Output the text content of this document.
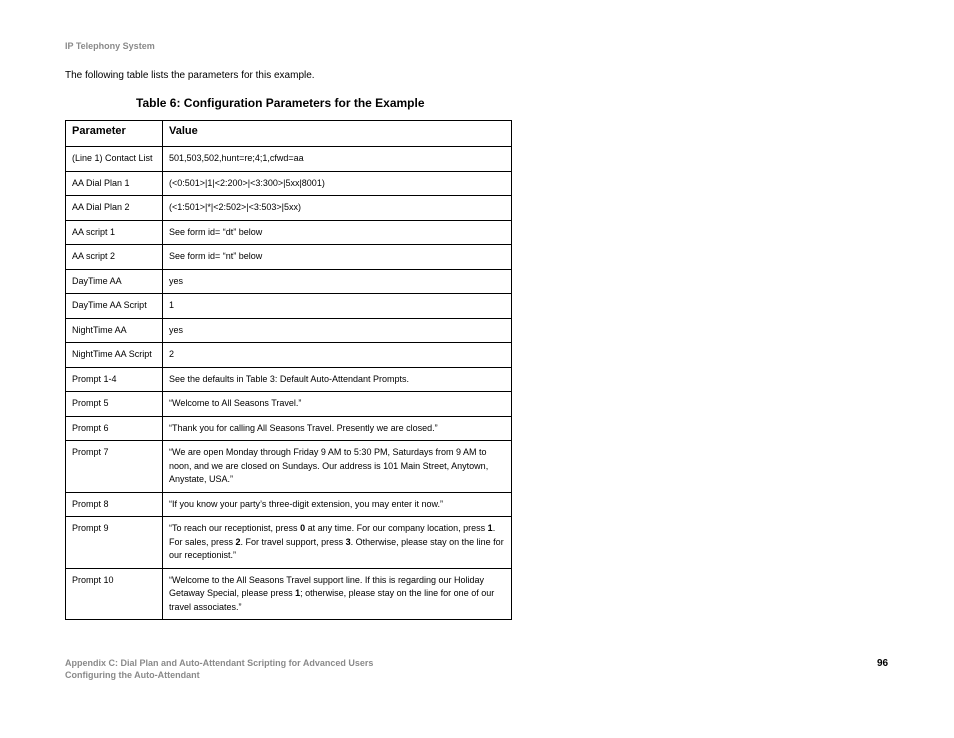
IP Telephony System
The following table lists the parameters for this example.
Table 6: Configuration Parameters for the Example
Parameter	Value
(Line 1) Contact List	501,503,502,hunt=re;4;1,cfwd=aa
AA Dial Plan 1	(<0:501>|1|<2:200>|<3:300>|5xx|8001)
AA Dial Plan 2	(<1:501>|*|<2:502>|<3:503>|5xx)
AA script 1	See form id= “dt” below
AA script 2	See form id= “nt” below
DayTime AA	yes
DayTime AA Script	1
NightTime AA	yes
NightTime AA Script	2
Prompt 1-4	See the defaults in Table 3: Default Auto-Attendant Prompts.
Prompt 5	“Welcome to All Seasons Travel.”
Prompt 6	“Thank you for calling All Seasons Travel. Presently we are closed.”
Prompt 7	“We are open Monday through Friday 9 AM to 5:30 PM, Saturdays from 9 AM to noon, and we are closed on Sundays. Our address is 101 Main Street, Anytown, Anystate, USA.”
Prompt 8	“If you know your party’s three-digit extension, you may enter it now.”
Prompt 9	“To reach our receptionist, press 0 at any time. For our company location, press 1. For sales, press 2. For travel support, press 3. Otherwise, please stay on the line for our receptionist.”
Prompt 10	“Welcome to the All Seasons Travel support line. If this is regarding our Holiday Getaway Special, please press 1; otherwise, please stay on the line for one of our travel associates.”
Appendix C: Dial Plan and Auto-Attendant Scripting for Advanced Users
Configuring the Auto-Attendant
96
